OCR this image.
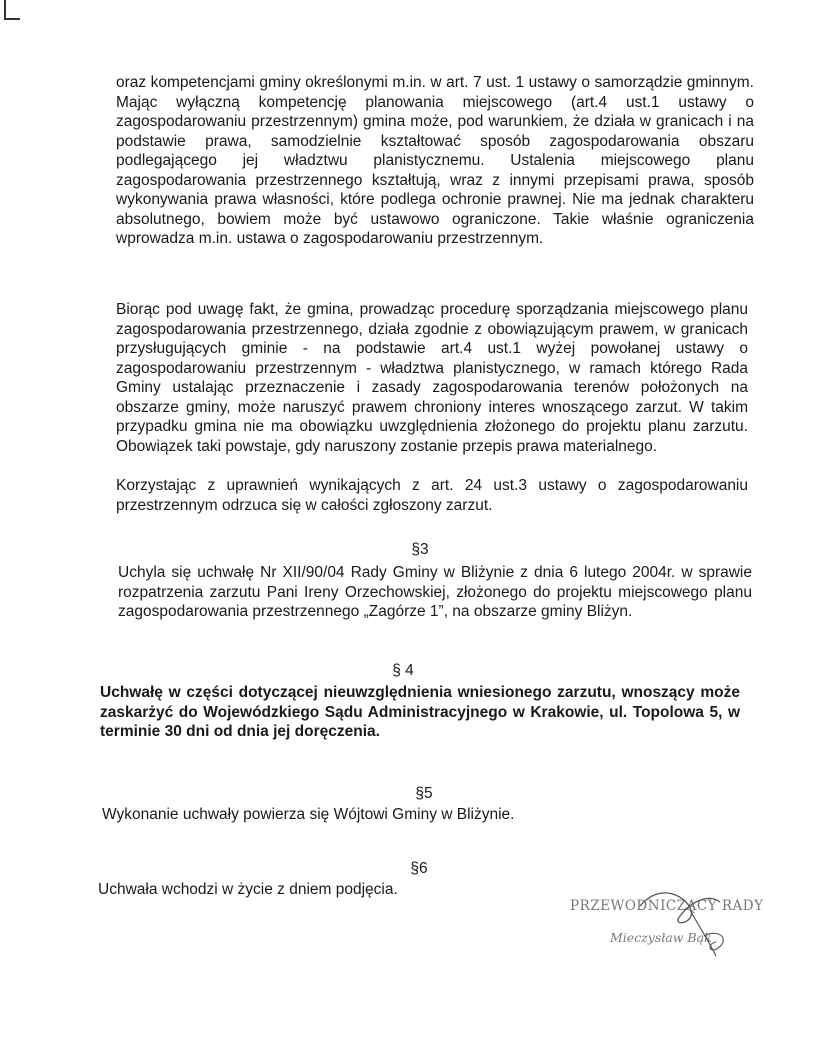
oraz kompetencjami gminy określonymi m.in. w art. 7 ust. 1 ustawy o samorządzie gminnym. Mając wyłączną kompetencję planowania miejscowego (art.4 ust.1 ustawy o zagospodarowaniu przestrzennym) gmina może, pod warunkiem, że działa w granicach i na podstawie prawa, samodzielnie kształtować sposób zagospodarowania obszaru podlegającego jej władztwu planistycznemu. Ustalenia miejscowego planu zagospodarowania przestrzennego kształtują, wraz z innymi przepisami prawa, sposób wykonywania prawa własności, które podlega ochronie prawnej. Nie ma jednak charakteru absolutnego, bowiem może być ustawowo ograniczone. Takie właśnie ograniczenia wprowadza m.in. ustawa o zagospodarowaniu przestrzennym.

Biorąc pod uwagę fakt, że gmina, prowadząc procedurę sporządzania miejscowego planu zagospodarowania przestrzennego, działa zgodnie z obowiązującym prawem, w granicach przysługujących gminie - na podstawie art.4 ust.1 wyżej powołanej ustawy o zagospodarowaniu przestrzennym - władztwa planistycznego, w ramach którego Rada Gminy ustalając przeznaczenie i zasady zagospodarowania terenów położonych na obszarze gminy, może naruszyć prawem chroniony interes wnoszącego zarzut. W takim przypadku gmina nie ma obowiązku uwzględnienia złożonego do projektu planu zarzutu. Obowiązek taki powstaje, gdy naruszony zostanie przepis prawa materialnego.

Korzystając z uprawnień wynikających z art. 24 ust.3 ustawy o zagospodarowaniu przestrzennym odrzuca się w całości zgłoszony zarzut.

§3

Uchyla się uchwałę Nr XII/90/04 Rady Gminy w Bliżynie z dnia 6 lutego 2004r. w sprawie rozpatrzenia zarzutu Pani Ireny Orzechowskiej, złożonego do projektu miejscowego planu zagospodarowania przestrzennego „Zagórze 1”, na obszarze gminy Bliżyn.

§ 4

Uchwałę w części dotyczącej nieuwzględnienia wniesionego zarzutu, wnoszący może zaskarżyć do Wojewódzkiego Sądu Administracyjnego w Krakowie, ul. Topolowa 5, w terminie 30 dni od dnia jej doręczenia.

§5
Wykonanie uchwały powierza się Wójtowi Gminy w Bliżynie.
§6
Uchwała wchodzi w życie z dniem podjęcia.
PRZEWODNICZĄCY RADY
Mieczysław Bąk
